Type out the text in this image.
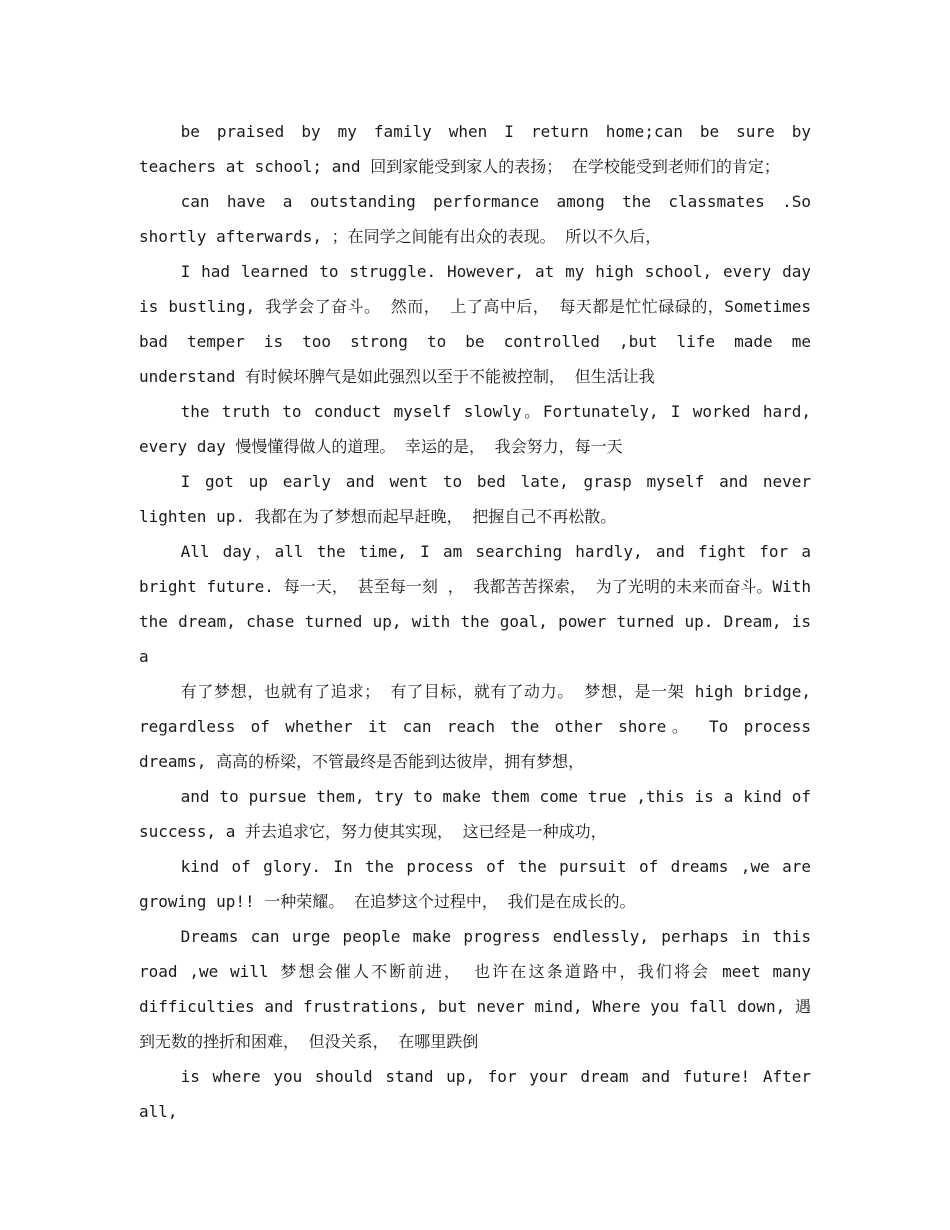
be praised by my family when I return home;can be sure by teachers at school; and 回到家能受到家人的表扬； 在学校能受到老师们的肯定；

can have a outstanding performance among the classmates .So shortly afterwards, ；在同学之间能有出众的表现。 所以不久后，

I had learned to struggle. However, at my high school, every day is bustling, 我学会了奋斗。 然而， 上了高中后， 每天都是忙忙碌碌的，Sometimes bad temper is too strong to be controlled ,but life made me understand 有时候坏脾气是如此强烈以至于不能被控制， 但生活让我

the truth to conduct myself slowly。Fortunately, I worked hard, every day 慢慢懂得做人的道理。 幸运的是， 我会努力，每一天

I got up early and went to bed late, grasp myself and never lighten up. 我都在为了梦想而起早赶晚， 把握自己不再松散。

All day，all the time, I am searching hardly, and fight for a bright future. 每一天， 甚至每一刻 ， 我都苦苦探索， 为了光明的未来而奋斗。With the dream, chase turned up, with the goal, power turned up. Dream, is a

有了梦想，也就有了追求； 有了目标，就有了动力。 梦想，是一架 high bridge, regardless of whether it can reach the other shore。 To process dreams, 高高的桥梁，不管最终是否能到达彼岸，拥有梦想，

and to pursue them, try to make them come true ,this is a kind of success, a 并去追求它，努力使其实现， 这已经是一种成功，

kind of glory. In the process of the pursuit of dreams ,we are growing up!! 一种荣耀。 在追梦这个过程中， 我们是在成长的。

Dreams can urge people make progress endlessly, perhaps in this road ,we will 梦想会催人不断前进， 也许在这条道路中，我们将会 meet many difficulties and frustrations, but never mind, Where you fall down, 遇到无数的挫折和困难， 但没关系， 在哪里跌倒

is where you should stand up, for your dream and future! After all,
